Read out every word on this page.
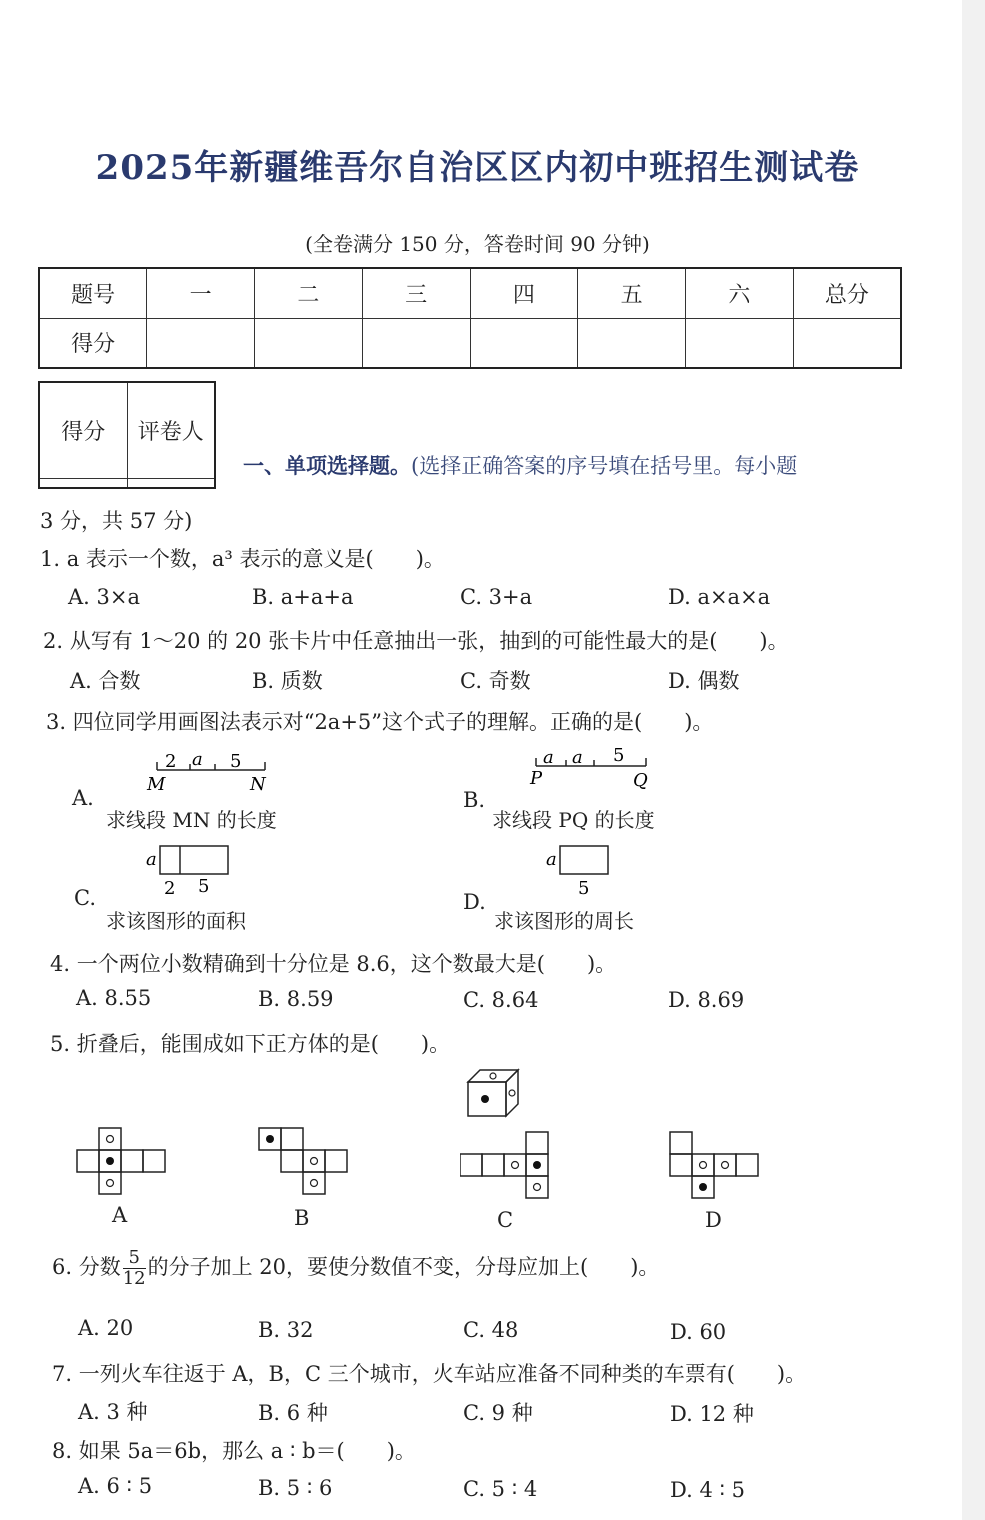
2025年新疆维吾尔自治区区内初中班招生测试卷
(全卷满分 150 分，答卷时间 90 分钟)
题号	一	二	三	四	五	六	总分
得分							
得分	评卷人

一、单项选择题。(选择正确答案的序号填在括号里。每小题
3 分，共 57 分)
1. a 表示一个数，a³ 表示的意义是(　　)。
A. 3×a	B. a+a+a	C. 3+a	D. a×a×a
2. 从写有 1～20 的 20 张卡片中任意抽出一张，抽到的可能性最大的是(　　)。
A. 合数	B. 质数	C. 奇数	D. 偶数
3. 四位同学用画图法表示对“2a+5”这个式子的理解。正确的是(　　)。
A.
2 a 5
M	N
求线段 MN 的长度
B.
a a 5
P	Q
求线段 PQ 的长度
C.
a
2 5
求该图形的面积
D.
a
5
求该图形的周长
4. 一个两位小数精确到十分位是 8.6，这个数最大是(　　)。
A. 8.55	B. 8.59	C. 8.64	D. 8.69
5. 折叠后，能围成如下正方体的是(　　)。
A	B	C	D
6. 分数 $\frac{5}{12}$ 的分子加上 20，要使分数值不变，分母应加上(　　)。
A. 20	B. 32	C. 48	D. 60
7. 一列火车往返于 A，B，C 三个城市，火车站应准备不同种类的车票有(　　)。
A. 3 种	B. 6 种	C. 9 种	D. 12 种
8. 如果 5a＝6b，那么 a ∶ b＝(　　)。
A. 6 ∶ 5	B. 5 ∶ 6	C. 5 ∶ 4	D. 4 ∶ 5
